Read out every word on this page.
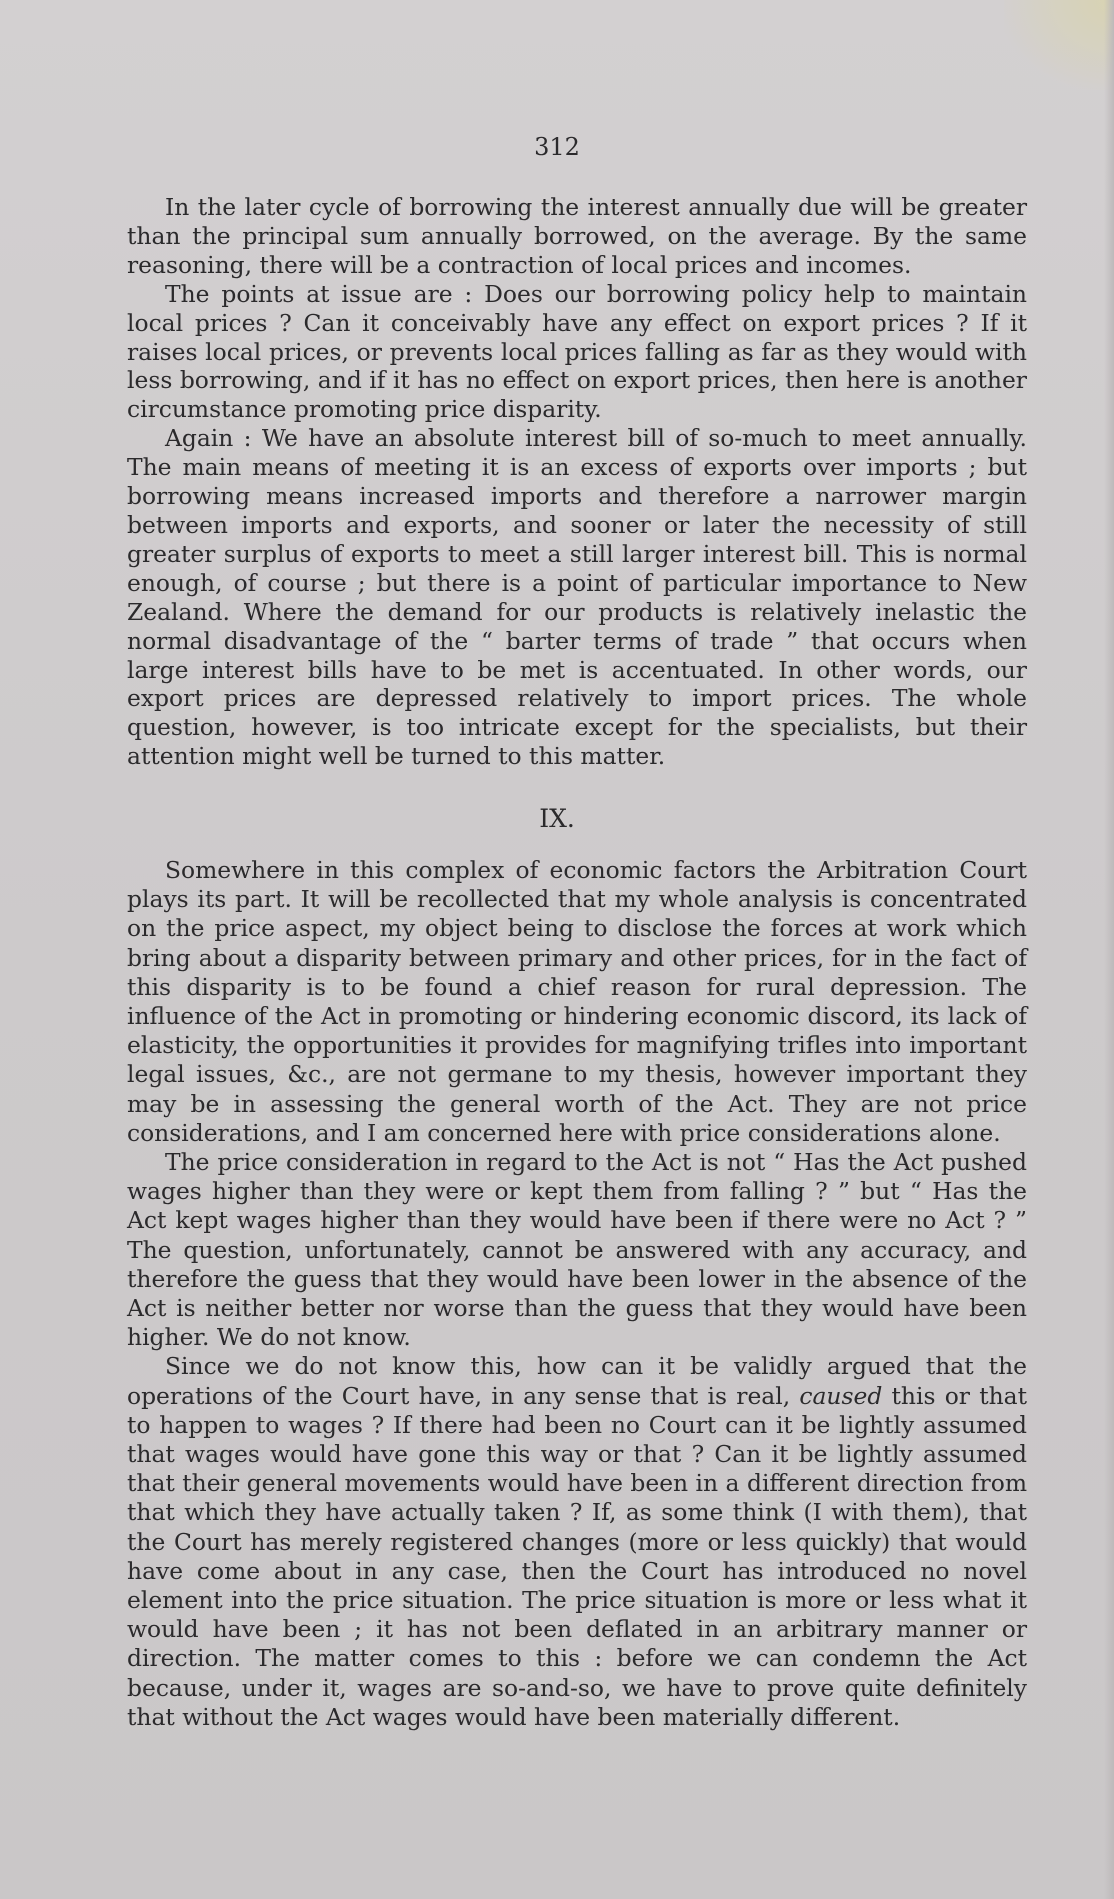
312

In the later cycle of borrowing the interest annually due will be greater than the principal sum annually borrowed, on the average. By the same reasoning, there will be a contraction of local prices and incomes.

The points at issue are : Does our borrowing policy help to maintain local prices ? Can it conceivably have any effect on export prices ? If it raises local prices, or prevents local prices falling as far as they would with less borrowing, and if it has no effect on export prices, then here is another circumstance promoting price disparity.

Again : We have an absolute interest bill of so-much to meet annually. The main means of meeting it is an excess of exports over imports ; but borrowing means increased imports and therefore a narrower margin between imports and exports, and sooner or later the necessity of still greater surplus of exports to meet a still larger interest bill. This is normal enough, of course ; but there is a point of particular importance to New Zealand. Where the demand for our products is relatively inelastic the normal disadvantage of the “ barter terms of trade ” that occurs when large interest bills have to be met is accentuated. In other words, our export prices are depressed relatively to import prices. The whole question, however, is too intricate except for the specialists, but their attention might well be turned to this matter.

IX.

Somewhere in this complex of economic factors the Arbitration Court plays its part. It will be recollected that my whole analysis is concentrated on the price aspect, my object being to disclose the forces at work which bring about a disparity between primary and other prices, for in the fact of this disparity is to be found a chief reason for rural depression. The influence of the Act in promoting or hindering economic discord, its lack of elasticity, the opportunities it provides for magnifying trifles into important legal issues, &c., are not germane to my thesis, however important they may be in assessing the general worth of the Act. They are not price considerations, and I am concerned here with price considerations alone.

The price consideration in regard to the Act is not “ Has the Act pushed wages higher than they were or kept them from falling ? ” but “ Has the Act kept wages higher than they would have been if there were no Act ? ” The question, unfortunately, cannot be answered with any accuracy, and therefore the guess that they would have been lower in the absence of the Act is neither better nor worse than the guess that they would have been higher. We do not know.

Since we do not know this, how can it be validly argued that the operations of the Court have, in any sense that is real, caused this or that to happen to wages ? If there had been no Court can it be lightly assumed that wages would have gone this way or that ? Can it be lightly assumed that their general movements would have been in a different direction from that which they have actually taken ? If, as some think (I with them), that the Court has merely registered changes (more or less quickly) that would have come about in any case, then the Court has introduced no novel element into the price situation. The price situation is more or less what it would have been ; it has not been deflated in an arbitrary manner or direction. The matter comes to this : before we can condemn the Act because, under it, wages are so-and-so, we have to prove quite definitely that without the Act wages would have been materially different.
